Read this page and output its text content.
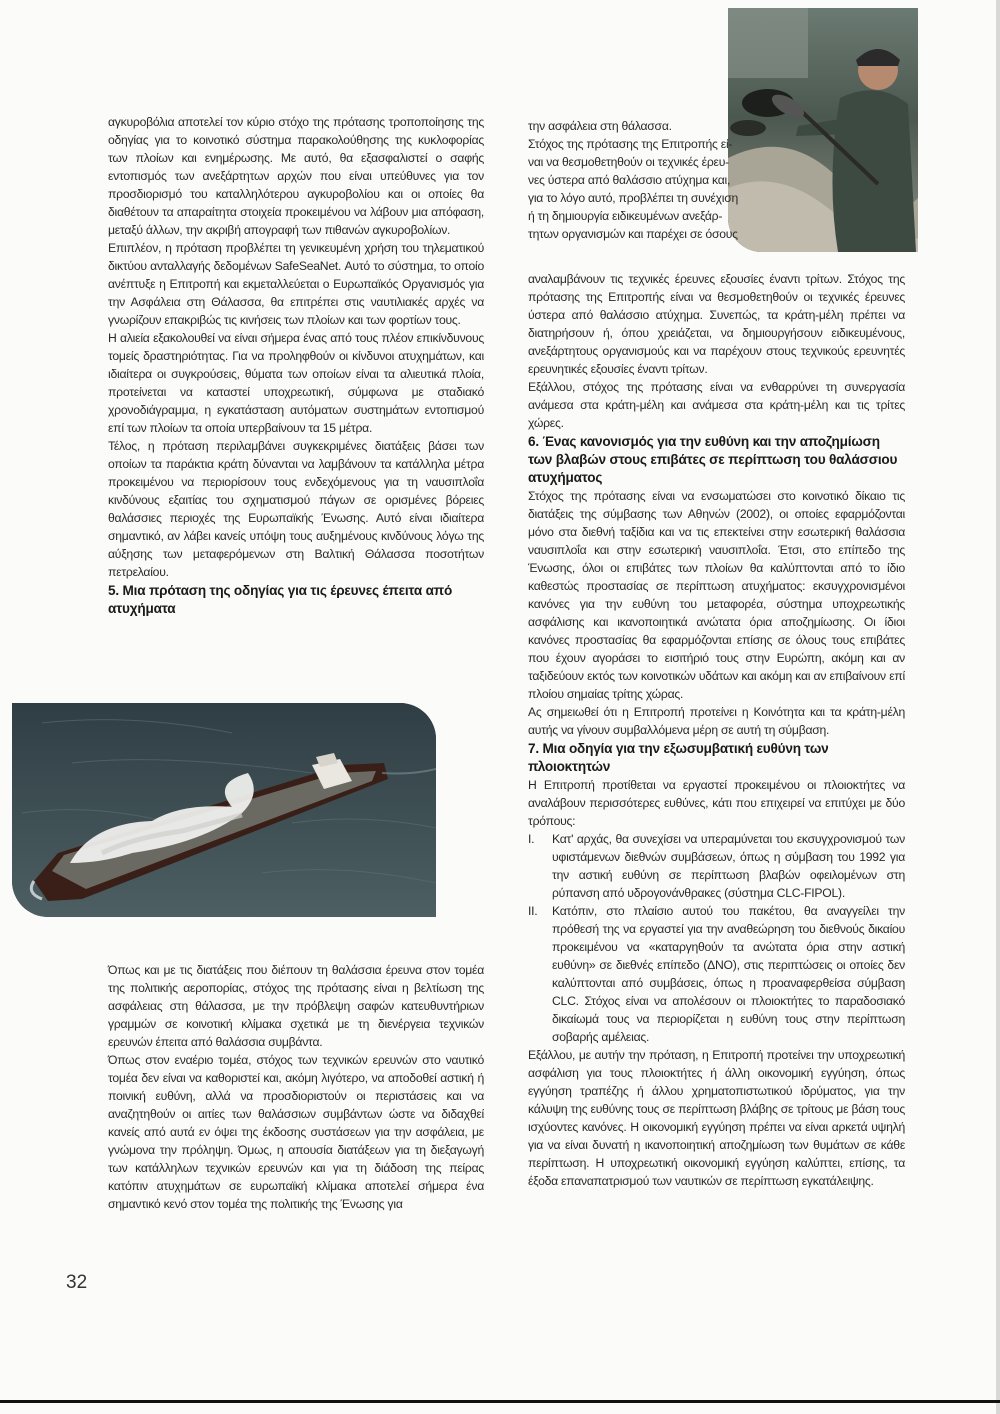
αγκυροβόλια αποτελεί τον κύριο στόχο της πρότασης τροποποίησης της οδηγίας για το κοινοτικό σύστημα παρακολούθησης της κυκλοφορίας των πλοίων και ενημέρωσης. Με αυτό, θα εξασφαλιστεί ο σαφής εντοπισμός των ανεξάρτητων αρχών που είναι υπεύθυνες για τον προσδιορισμό του καταλληλότερου αγκυροβολίου και οι οποίες θα διαθέτουν τα απαραίτητα στοιχεία προκειμένου να λάβουν μια απόφαση, μεταξύ άλλων, την ακριβή απογραφή των πιθανών αγκυροβολίων.

Επιπλέον, η πρόταση προβλέπει τη γενικευμένη χρήση του τηλεματικού δικτύου ανταλλαγής δεδομένων SafeSeaNet. Αυτό το σύστημα, το οποίο ανέπτυξε η Επιτροπή και εκμεταλλεύεται ο Ευρωπαϊκός Οργανισμός για την Ασφάλεια στη Θάλασσα, θα επιτρέπει στις ναυτιλιακές αρχές να γνωρίζουν επακριβώς τις κινήσεις των πλοίων και των φορτίων τους.

Η αλιεία εξακολουθεί να είναι σήμερα ένας από τους πλέον επικίνδυνους τομείς δραστηριότητας. Για να προληφθούν οι κίνδυνοι ατυχημάτων, και ιδιαίτερα οι συγκρούσεις, θύματα των οποίων είναι τα αλιευτικά πλοία, προτείνεται να καταστεί υποχρεωτική, σύμφωνα με σταδιακό χρονοδιάγραμμα, η εγκατάσταση αυτόματων συστημάτων εντοπισμού επί των πλοίων τα οποία υπερβαίνουν τα 15 μέτρα.

Τέλος, η πρόταση περιλαμβάνει συγκεκριμένες διατάξεις βάσει των οποίων τα παράκτια κράτη δύνανται να λαμβάνουν τα κατάλληλα μέτρα προκειμένου να περιορίσουν τους ενδεχόμενους για τη ναυσιπλοΐα κινδύνους εξαιτίας του σχηματισμού πάγων σε ορισμένες βόρειες θαλάσσιες περιοχές της Ευρωπαϊκής Ένωσης. Αυτό είναι ιδιαίτερα σημαντικό, αν λάβει κανείς υπόψη τους αυξημένους κινδύνους λόγω της αύξησης των μεταφερόμενων στη Βαλτική Θάλασσα ποσοτήτων πετρελαίου.

5. Μια πρόταση της οδηγίας για τις έρευνες έπειτα από ατυχήματα

Όπως και με τις διατάξεις που διέπουν τη θαλάσσια έρευνα στον τομέα της πολιτικής αεροπορίας, στόχος της πρότασης είναι η βελτίωση της ασφάλειας στη θάλασσα, με την πρόβλεψη σαφών κατευθυντήριων γραμμών σε κοινοτική κλίμακα σχετικά με τη διενέργεια τεχνικών ερευνών έπειτα από θαλάσσια συμβάντα.

Όπως στον εναέριο τομέα, στόχος των τεχνικών ερευνών στο ναυτικό τομέα δεν είναι να καθοριστεί και, ακόμη λιγότερο, να αποδοθεί αστική ή ποινική ευθύνη, αλλά να προσδιοριστούν οι περιστάσεις και να αναζητηθούν οι αιτίες των θαλάσσιων συμβάντων ώστε να διδαχθεί κανείς από αυτά εν όψει της έκδοσης συστάσεων για την ασφάλεια, με γνώμονα την πρόληψη. Όμως, η απουσία διατάξεων για τη διεξαγωγή των κατάλληλων τεχνικών ερευνών και για τη διάδοση της πείρας κατόπιν ατυχημάτων σε ευρωπαϊκή κλίμακα αποτελεί σήμερα ένα σημαντικό κενό στον τομέα της πολιτικής της Ένωσης για

την ασφάλεια στη θάλασσα.
Στόχος της πρότασης της Επιτροπής εί-
ναι να θεσμοθετηθούν οι τεχνικές έρευ-
νες ύστερα από θαλάσσιο ατύχημα και,
για το λόγο αυτό, προβλέπει τη συνέχιση
ή τη δημιουργία ειδικευμένων ανεξάρ-
τητων οργανισμών και παρέχει σε όσους

αναλαμβάνουν τις τεχνικές έρευνες εξουσίες έναντι τρίτων. Στόχος της πρότασης της Επιτροπής είναι να θεσμοθετηθούν οι τεχνικές έρευνες ύστερα από θαλάσσιο ατύχημα. Συνεπώς, τα κράτη-μέλη πρέπει να διατηρήσουν ή, όπου χρειάζεται, να δημιουργήσουν ειδικευμένους, ανεξάρτητους οργανισμούς και να παρέχουν στους τεχνικούς ερευνητές ερευνητικές εξουσίες έναντι τρίτων.

Εξάλλου, στόχος της πρότασης είναι να ενθαρρύνει τη συνεργασία ανάμεσα στα κράτη-μέλη και ανάμεσα στα κράτη-μέλη και τις τρίτες χώρες.

6. Ένας κανονισμός για την ευθύνη και την αποζημίωση των βλαβών στους επιβάτες σε περίπτωση του θαλάσσιου ατυχήματος

Στόχος της πρότασης είναι να ενσωματώσει στο κοινοτικό δίκαιο τις διατάξεις της σύμβασης των Αθηνών (2002), οι οποίες εφαρμόζονται μόνο στα διεθνή ταξίδια και να τις επεκτείνει στην εσωτερική θαλάσσια ναυσιπλοΐα και στην εσωτερική ναυσιπλοΐα. Έτσι, στο επίπεδο της Ένωσης, όλοι οι επιβάτες των πλοίων θα καλύπτονται από το ίδιο καθεστώς προστασίας σε περίπτωση ατυχήματος: εκσυγχρονισμένοι κανόνες για την ευθύνη του μεταφορέα, σύστημα υποχρεωτικής ασφάλισης και ικανοποιητικά ανώτατα όρια αποζημίωσης. Οι ίδιοι κανόνες προστασίας θα εφαρμόζονται επίσης σε όλους τους επιβάτες που έχουν αγοράσει το εισιτήριό τους στην Ευρώπη, ακόμη και αν ταξιδεύουν εκτός των κοινοτικών υδάτων και ακόμη και αν επιβαίνουν επί πλοίου σημαίας τρίτης χώρας.

Ας σημειωθεί ότι η Επιτροπή προτείνει η Κοινότητα και τα κράτη-μέλη αυτής να γίνουν συμβαλλόμενα μέρη σε αυτή τη σύμβαση.

7. Μια οδηγία για την εξωσυμβατική ευθύνη των πλοιοκτητών

Η Επιτροπή προτίθεται να εργαστεί προκειμένου οι πλοιοκτήτες να αναλάβουν περισσότερες ευθύνες, κάτι που επιχειρεί να επιτύχει με δύο τρόπους:

I. Κατ' αρχάς, θα συνεχίσει να υπεραμύνεται του εκσυγχρονισμού των υφιστάμενων διεθνών συμβάσεων, όπως η σύμβαση του 1992 για την αστική ευθύνη σε περίπτωση βλαβών οφειλομένων στη ρύπανση από υδρογονάνθρακες (σύστημα CLC-FIPOL).
II. Κατόπιν, στο πλαίσιο αυτού του πακέτου, θα αναγγείλει την πρόθεσή της να εργαστεί για την αναθεώρηση του διεθνούς δικαίου προκειμένου να «καταργηθούν τα ανώτατα όρια στην αστική ευθύνη» σε διεθνές επίπεδο (ΔΝΟ), στις περιπτώσεις οι οποίες δεν καλύπτονται από συμβάσεις, όπως η προαναφερθείσα σύμβαση CLC. Στόχος είναι να απολέσουν οι πλοιοκτήτες το παραδοσιακό δικαίωμά τους να περιορίζεται η ευθύνη τους στην περίπτωση σοβαρής αμέλειας.

Εξάλλου, με αυτήν την πρόταση, η Επιτροπή προτείνει την υποχρεωτική ασφάλιση για τους πλοιοκτήτες ή άλλη οικονομική εγγύηση, όπως εγγύηση τραπέζης ή άλλου χρηματοπιστωτικού ιδρύματος, για την κάλυψη της ευθύνης τους σε περίπτωση βλάβης σε τρίτους με βάση τους ισχύοντες κανόνες. Η οικονομική εγγύηση πρέπει να είναι αρκετά υψηλή για να είναι δυνατή η ικανοποιητική αποζημίωση των θυμάτων σε κάθε περίπτωση. Η υποχρεωτική οικονομική εγγύηση καλύπτει, επίσης, τα έξοδα επαναπατρισμού των ναυτικών σε περίπτωση εγκατάλειψης.

32
